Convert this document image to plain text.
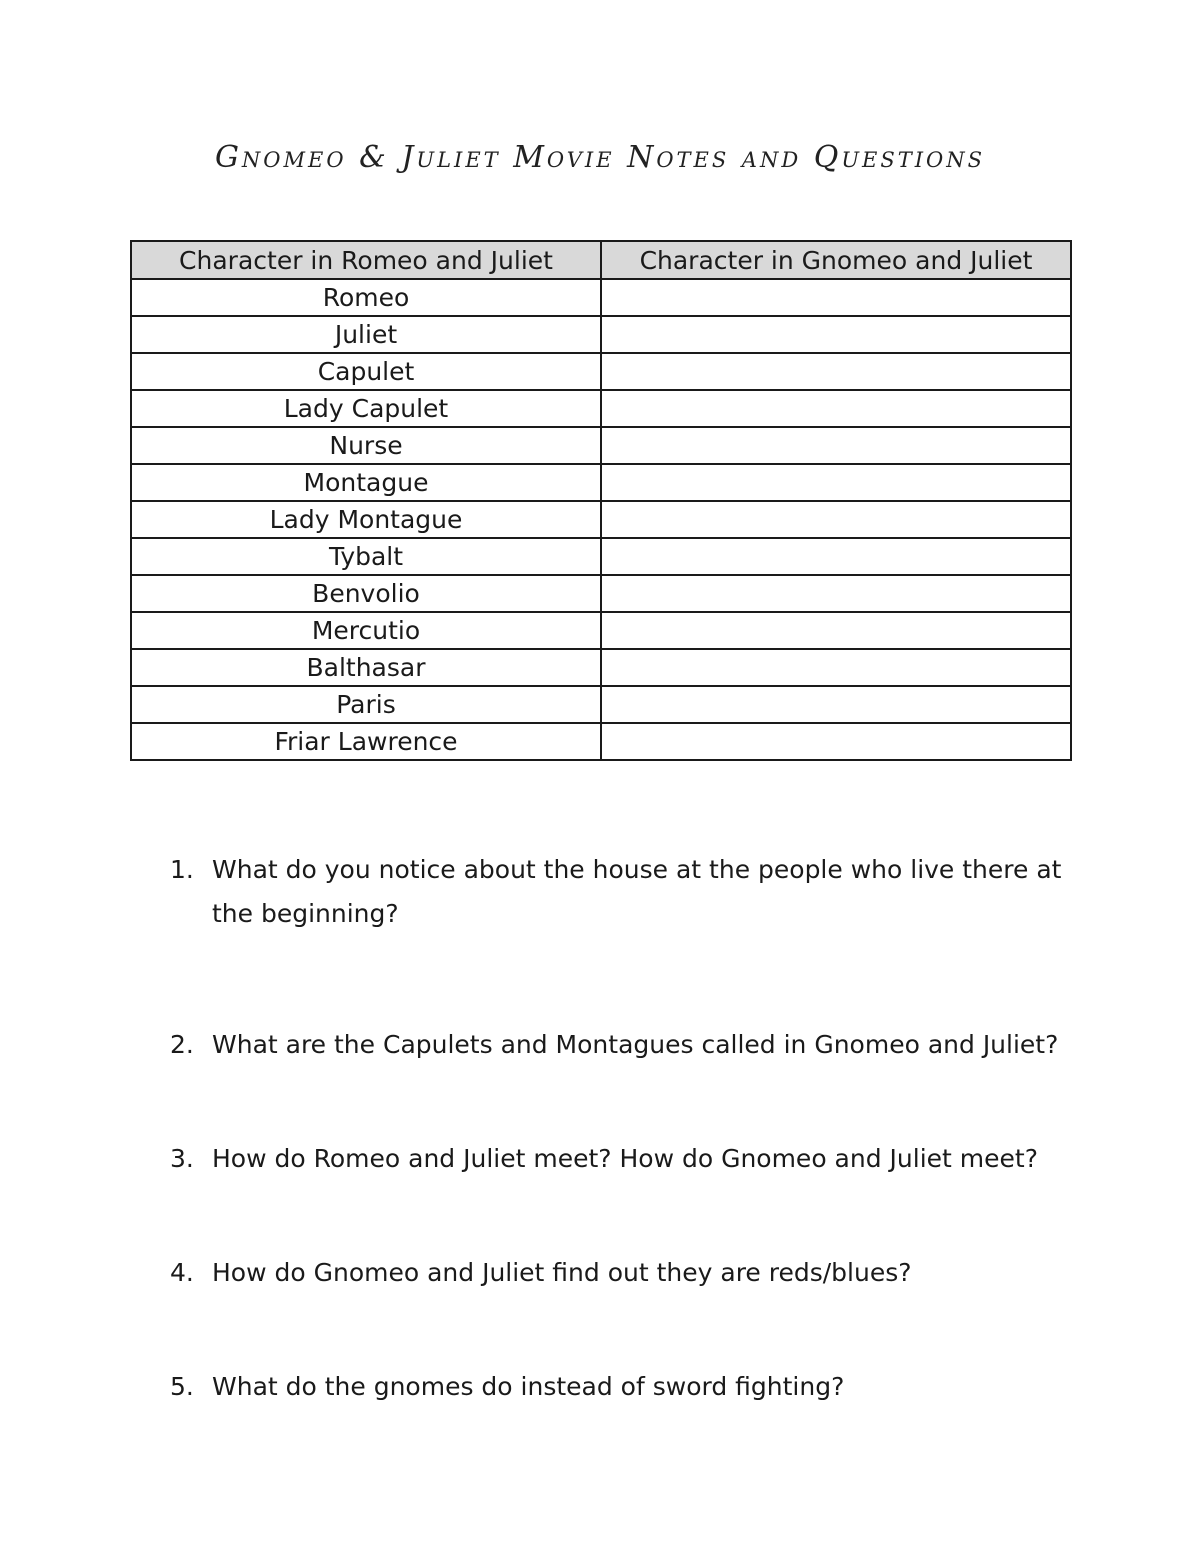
Gnomeo & Juliet Movie Notes and Questions
Character in Romeo and Juliet	Character in Gnomeo and Juliet
Romeo	
Juliet	
Capulet	
Lady Capulet	
Nurse	
Montague	
Lady Montague	
Tybalt	
Benvolio	
Mercutio	
Balthasar	
Paris	
Friar Lawrence	
1. What do you notice about the house at the people who live there at the beginning?
2. What are the Capulets and Montagues called in Gnomeo and Juliet?
3. How do Romeo and Juliet meet? How do Gnomeo and Juliet meet?
4. How do Gnomeo and Juliet find out they are reds/blues?
5. What do the gnomes do instead of sword fighting?
